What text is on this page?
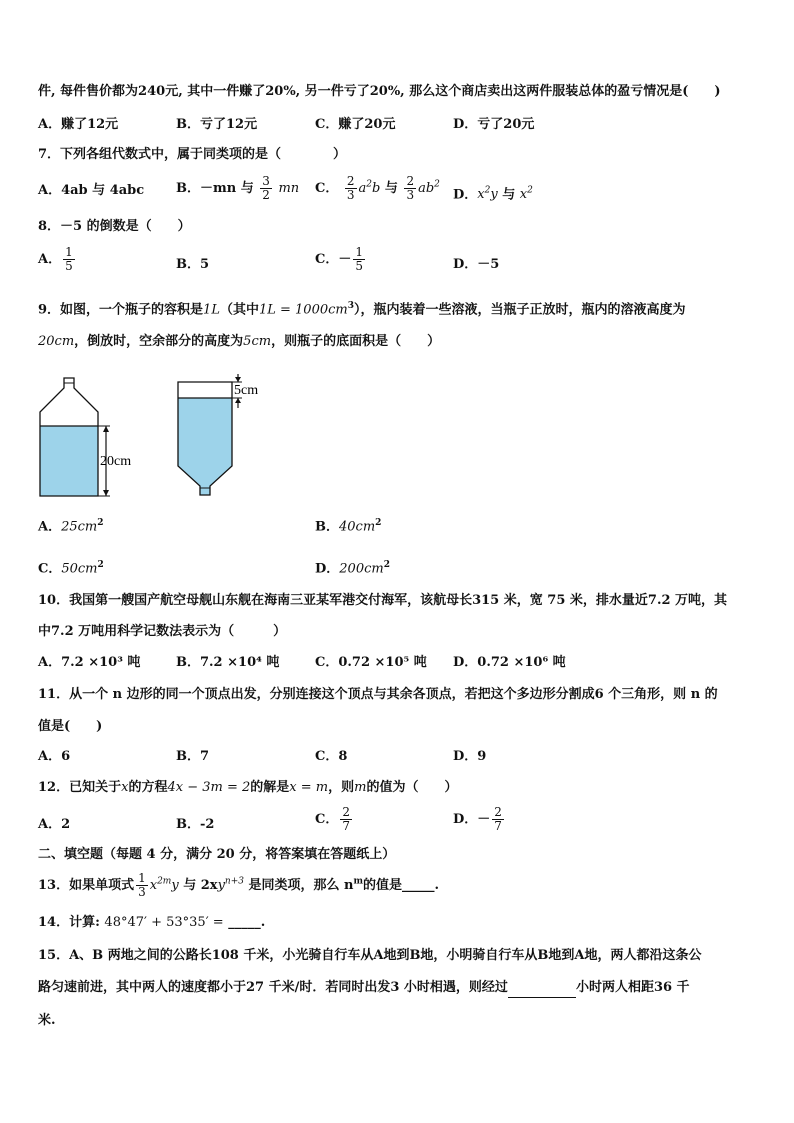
件, 每件售价都为240元, 其中一件赚了20%, 另一件亏了20%, 那么这个商店卖出这两件服装总体的盈亏情况是(　　)
A．赚了12元	B．亏了12元	C．赚了20元	D．亏了20元
7．下列各组代数式中，属于同类项的是（　　　　）
A．4ab 与 4abc B．－mn 与 $\frac{3}{2}$ mn C． $\frac{2}{3} a^2b$ 与 $\frac{2}{3} ab^2$
D．$x^2y$ 与 $x^2$
8．－5 的倒数是（　　）
A． $\frac{1}{5}$	B．5	C．－ $\frac{1}{5}$	D．－5
9．如图，一个瓶子的容积是1L（其中$1L = 1000cm^3$），瓶内装着一些溶液，当瓶子正放时，瓶内的溶液高度为
20cm，倒放时，空余部分的高度为5cm，则瓶子的底面积是（　　）
20cm
5cm
A．$25cm^2$	B．$40cm^2$
C．$50cm^2$	D．$200cm^2$
10．我国第一艘国产航空母舰山东舰在海南三亚某军港交付海军，该航母长315 米，宽 75 米，排水量近7.2 万吨，其
中7.2 万吨用科学记数法表示为（　　　）
A．7.2 ×10³ 吨	B．7.2 ×10⁴ 吨	C．0.72 ×10⁵ 吨 D．0.72 ×10⁶ 吨
11．从一个 n 边形的同一个顶点出发，分别连接这个顶点与其余各顶点，若把这个多边形分割成6 个三角形，则 n 的
值是(　　)
A．6	B．7	C．8	D．9
12．已知关于x的方程4x − 3m = 2的解是x = m，则m的值为（　　）
A．2	B．-2	C． $\frac{2}{7}$	D．－ $\frac{2}{7}$
二、填空题（每题 4 分，满分 20 分，将答案填在答题纸上）
13．如果单项式 $\frac{1}{3} x^{2m}y$ 与 $2xy^{n+3}$ 是同类项，那么 $n^m$的值是_____.
14．计算: 48°47′ + 53°35′ = _____.
15．A、B 两地之间的公路长108 千米，小光骑自行车从A地到B地，小明骑自行车从B地到A地，两人都沿这条公
路匀速前进，其中两人的速度都小于27 千米/时．若同时出发3 小时相遇，则经过	小时两人相距36 千
米.
